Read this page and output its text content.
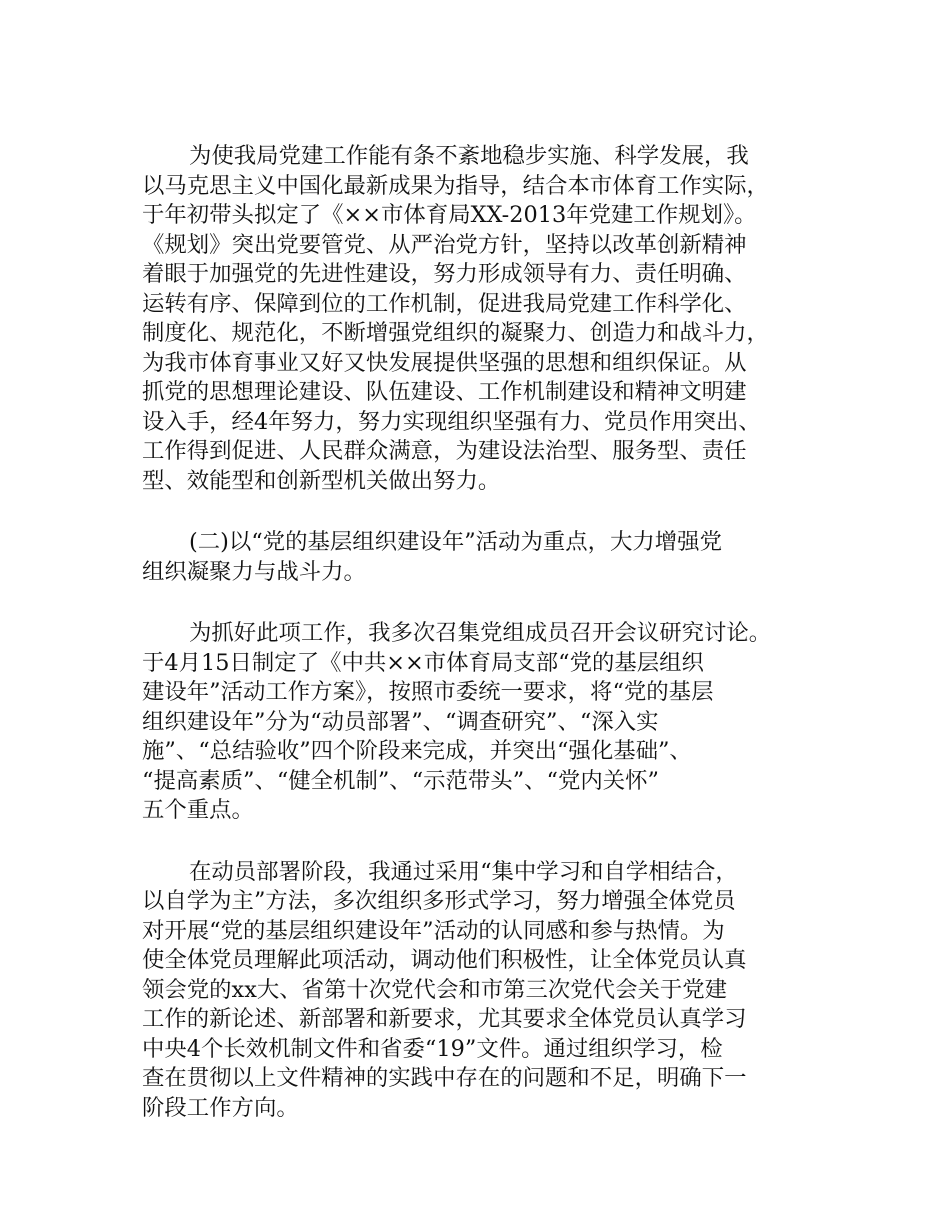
为使我局党建工作能有条不紊地稳步实施、科学发展，我
以马克思主义中国化最新成果为指导，结合本市体育工作实际，
于年初带头拟定了《××市体育局XX-2013年党建工作规划》。
《规划》突出党要管党、从严治党方针，坚持以改革创新精神
着眼于加强党的先进性建设，努力形成领导有力、责任明确、
运转有序、保障到位的工作机制，促进我局党建工作科学化、
制度化、规范化，不断增强党组织的凝聚力、创造力和战斗力，
为我市体育事业又好又快发展提供坚强的思想和组织保证。从
抓党的思想理论建设、队伍建设、工作机制建设和精神文明建
设入手，经4年努力，努力实现组织坚强有力、党员作用突出、
工作得到促进、人民群众满意，为建设法治型、服务型、责任
型、效能型和创新型机关做出努力。

(二)以“党的基层组织建设年”活动为重点，大力增强党
组织凝聚力与战斗力。

为抓好此项工作，我多次召集党组成员召开会议研究讨论。
于4月15日制定了《中共××市体育局支部“党的基层组织
建设年”活动工作方案》，按照市委统一要求，将“党的基层
组织建设年”分为“动员部署”、“调查研究”、“深入实
施”、“总结验收”四个阶段来完成，并突出“强化基础”、
“提高素质”、“健全机制”、“示范带头”、“党内关怀”
五个重点。

在动员部署阶段，我通过采用“集中学习和自学相结合，
以自学为主”方法，多次组织多形式学习，努力增强全体党员
对开展“党的基层组织建设年”活动的认同感和参与热情。为
使全体党员理解此项活动，调动他们积极性，让全体党员认真
领会党的xx大、省第十次党代会和市第三次党代会关于党建
工作的新论述、新部署和新要求，尤其要求全体党员认真学习
中央4个长效机制文件和省委“19”文件。通过组织学习，检
查在贯彻以上文件精神的实践中存在的问题和不足，明确下一
阶段工作方向。
